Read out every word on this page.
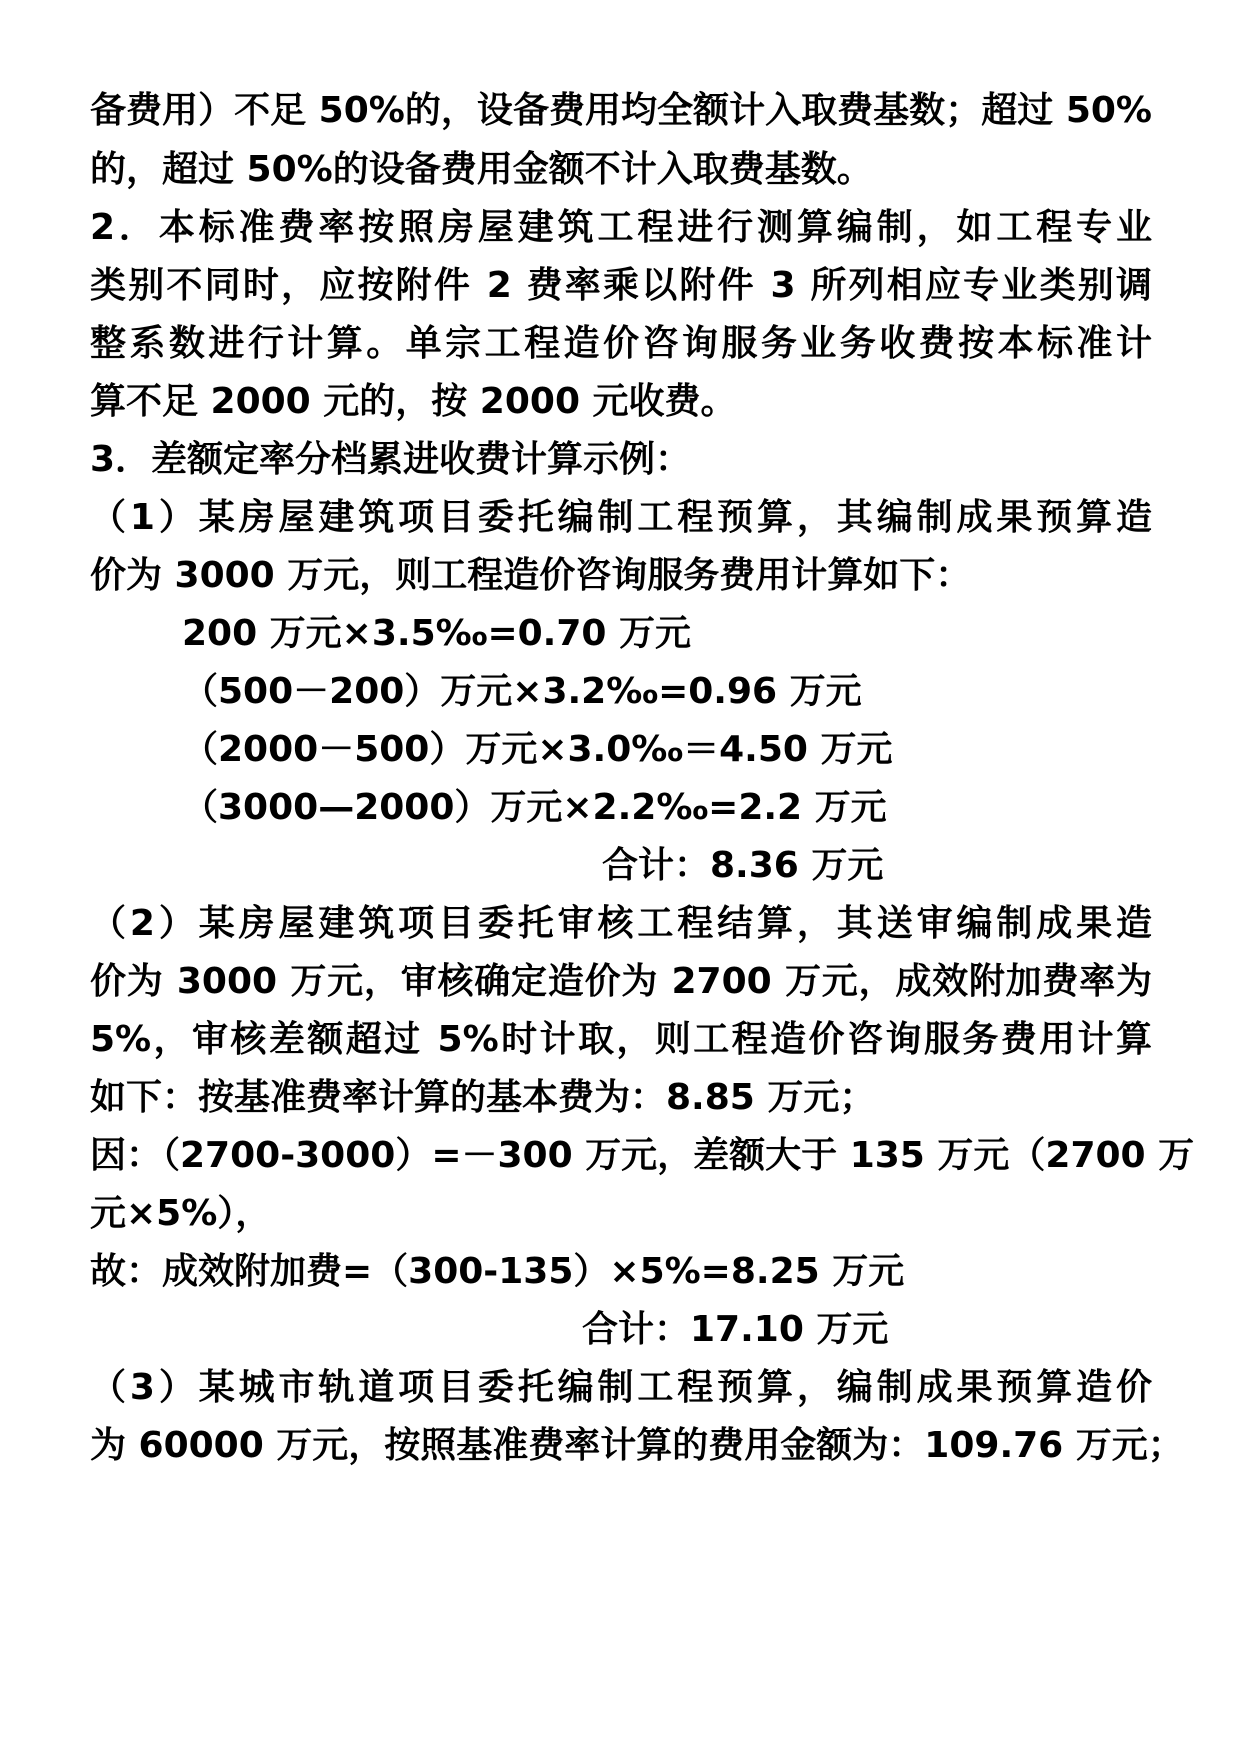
备费用）不足 50%的，设备费用均全额计入取费基数；超过 50%
的，超过 50%的设备费用金额不计入取费基数。
2．本标准费率按照房屋建筑工程进行测算编制，如工程专业
类别不同时，应按附件 2 费率乘以附件 3 所列相应专业类别调
整系数进行计算。单宗工程造价咨询服务业务收费按本标准计
算不足 2000 元的，按 2000 元收费。
3．差额定率分档累进收费计算示例：
（1）某房屋建筑项目委托编制工程预算，其编制成果预算造
价为 3000 万元，则工程造价咨询服务费用计算如下：
200 万元×3.5‰=0.70 万元
（500－200）万元×3.2‰=0.96 万元
（2000－500）万元×3.0‰＝4.50 万元
（3000—2000）万元×2.2‰=2.2 万元
合计：8.36 万元
（2）某房屋建筑项目委托审核工程结算，其送审编制成果造
价为 3000 万元，审核确定造价为 2700 万元，成效附加费率为
5%，审核差额超过 5%时计取，则工程造价咨询服务费用计算
如下：按基准费率计算的基本费为：8.85 万元；
因：（2700-3000）=－300 万元，差额大于 135 万元（2700 万
元×5%），
故：成效附加费=（300-135）×5%=8.25 万元
合计：17.10 万元
（3）某城市轨道项目委托编制工程预算，编制成果预算造价
为 60000 万元，按照基准费率计算的费用金额为：109.76 万元；
